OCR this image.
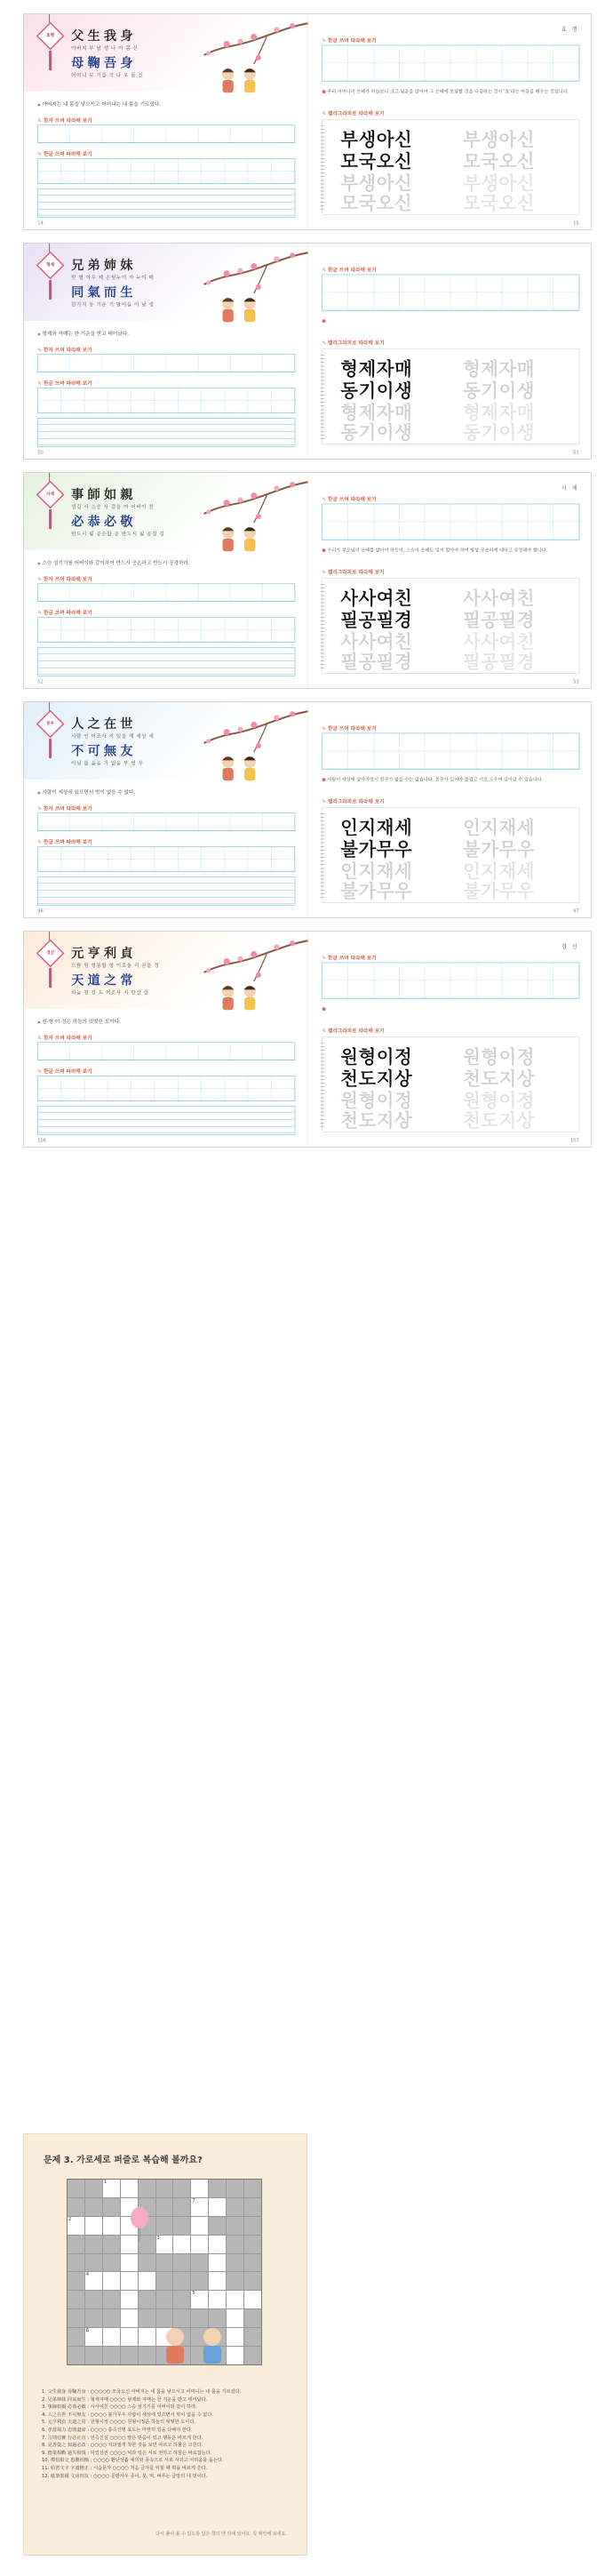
효행 父生我身
아버지 부 날 생 나 아 몸 신
母鞠吾身
어머니 모 기를 국 나 오 몸 신
● 아버지는 내 몸을 낳으시고 어머니는 내 몸을 기르셨다.
✎ 한자 쓰며 따라해 보기
✎ 한글 쓰며 따라해 보기
14
효 행
✎ 한글 쓰며 따라해 보기
● 우리 어머니의 은혜가 하늘보다 크고 넓음을 알아야 그 은혜에 보답할 것을 다짐하는 것이 '효'라는 마음을 배우는 것입니다.
✎ 캘리그라피로 따라해 보기
부생아신
모국오신
부생아신
모국오신
부생아신
모국오신
부생아신
모국오신
15
형제 兄弟姉妹
맏 형 아우 제 손윗누이 자 누이 매
同氣而生
한가지 동 기운 기 말이을 이 날 생
● 형제와 자매는 한 기운을 받고 태어났다.
✎ 한자 쓰며 따라해 보기
✎ 한글 쓰며 따라해 보기
50
✎ 한글 쓰며 따라해 보기
●
✎ 캘리그라피로 따라해 보기
형제자매
동기이생
형제자매
동기이생
형제자매
동기이생
형제자매
동기이생
51
사제 事師如親
섬길 사 스승 사 같을 여 어버이 친
必恭必敬
반드시 필 공손할 공 반드시 필 공경 경
● 스승 섬기기를 어버이와 같이하여 반드시 공손하고 반드시 공경하라.
✎ 한자 쓰며 따라해 보기
✎ 한글 쓰며 따라해 보기
52
사 제
✎ 한글 쓰며 따라해 보기
● 우리가 부모님의 은혜를 알아야 하듯이, 스승의 은혜도 잊지 말아야 하며 항상 공손하게 대하고 공경해야 합니다.
✎ 캘리그라피로 따라해 보기
사사여친
필공필경
사사여친
필공필경
사사여친
필공필경
사사여친
필공필경
53
붕우 人之在世
사람 인 어조사 지 있을 재 세상 세
不可無友
아닐 불 옳을 가 없을 무 벗 우
● 사람이 세상에 있으면서 벗이 없을 수 없다.
✎ 한자 쓰며 따라해 보기
✎ 한글 쓰며 따라해 보기
96
✎ 한글 쓰며 따라해 보기
● 사람이 세상에 살아가면서 친구가 없을 수는 없습니다. 친구가 있어야 즐겁고 서로 도우며 살아갈 수 있습니다.
✎ 캘리그라피로 따라해 보기
인지재세
불가무우
인지재세
불가무우
인지재세
불가무우
인지재세
불가무우
97
경신 元亨利貞
으뜸 원 형통할 형 이로울 리 곧을 정
天道之常
하늘 천 길 도 어조사 지 항상 상
● 원·형·이·정은 하늘의 떳떳한 도이다.
✎ 한자 쓰며 따라해 보기
✎ 한글 쓰며 따라해 보기
106
경 신
✎ 한글 쓰며 따라해 보기
●
✎ 캘리그라피로 따라해 보기
원형이정
천도지상
원형이정
천도지상
원형이정
천도지상
원형이정
천도지상
107
문제 3. 가로세로 퍼즐로 복습해 볼까요?
1
7
2
3
4
5
6
1. 父生我身 母鞠吾身 : ○○○○○ 모국오신 아버지는 내 몸을 낳으시고 어머니는 내 몸을 기르셨다.
2. 兄弟姉妹 同氣而生 : 형제자매 ○○○○ 형제와 자매는 한 기운을 받고 태어났다.
3. 事師如親 必恭必敬 : 사사여친 ○○○○ 스승 섬기기를 어버이와 같이 하라.
4. 人之在世 不可無友 : ○○○○ 불가무우 사람이 세상에 있으면서 벗이 없을 수 없다.
5. 元亨利貞 天道之常 : 원형이정 ○○○○ 원형이정은 하늘의 떳떳한 도이다.
6. 孝當竭力 忠則盡命 : ○○○○ 충즉진명 효도는 마땅히 힘을 다해야 한다.
7. 言則信實 行必正直 : 언즉신실 ○○○○ 말은 믿음이 있고 행동은 바르게 한다.
8. 見善從之 知過必改 : ○○○○ 지과필개 착한 것을 보면 따르고 허물은 고친다.
9. 德業相勸 過失相規 : 덕업상권 ○○○○ 덕과 업은 서로 권하고 허물은 바로잡는다.
10. 禮俗相交 患難相恤 : ○○○○ 환난상휼 예의와 풍속으로 서로 사귀고 어려움을 돕는다.
11. 始習文字 字畫楷正 : 시습문자 ○○○○ 처음 글자를 익힐 때 획을 바르게 쓴다.
12. 紙筆墨硯 文房四友 : ○○○○ 문방사우 종이, 붓, 먹, 벼루는 글방의 네 벗이다.
다시 풀어 볼 수 있도록 답은 책의 맨 뒤에 있어요. 꼭 확인해 보세요.
